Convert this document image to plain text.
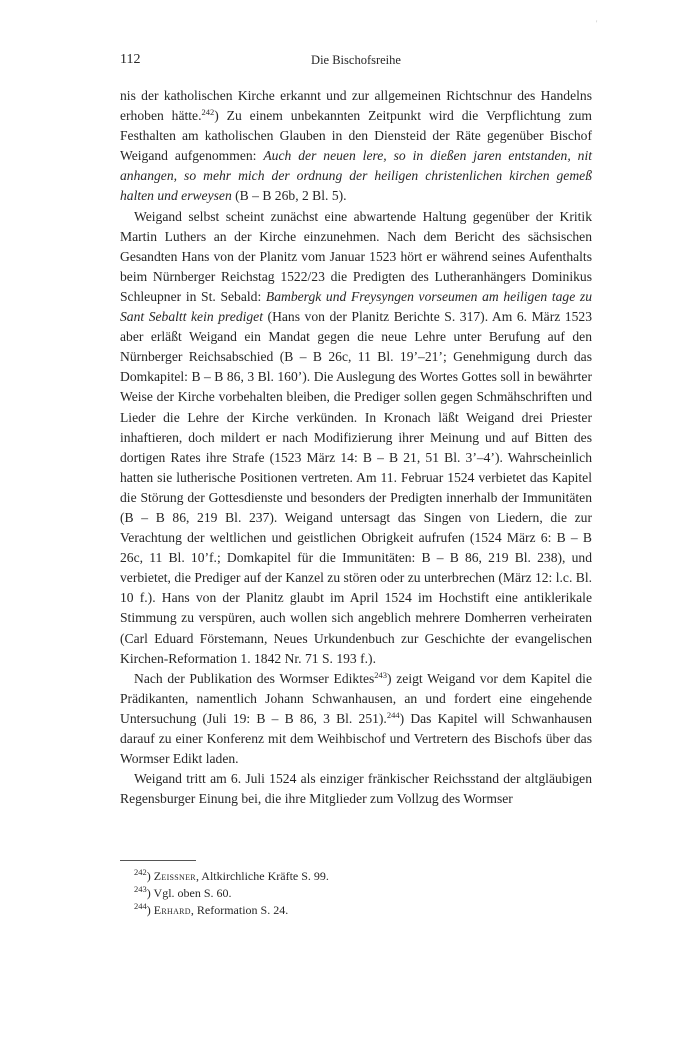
'
112	Die Bischofsreihe

nis der katholischen Kirche erkannt und zur allgemeinen Richtschnur des Handelns erhoben hätte.$^{242}$) Zu einem unbekannten Zeitpunkt wird die Verpflichtung zum Festhalten am katholischen Glauben in den Diensteid der Räte gegenüber Bischof Weigand aufgenommen: Auch der neuen lere, so in dießen jaren entstanden, nit anhangen, so mehr mich der ordnung der heiligen christenlichen kirchen gemeß halten und erweysen (B – B 26b, 2 Bl. 5).

Weigand selbst scheint zunächst eine abwartende Haltung gegenüber der Kritik Martin Luthers an der Kirche einzunehmen. Nach dem Bericht des sächsischen Gesandten Hans von der Planitz vom Januar 1523 hört er während seines Aufenthalts beim Nürnberger Reichstag 1522/23 die Predigten des Lutheranhängers Dominikus Schleupner in St. Sebald: Bambergk und Freysyngen vorseumen am heiligen tage zu Sant Sebaltt kein prediget (Hans von der Planitz Berichte S. 317). Am 6. März 1523 aber erläßt Weigand ein Mandat gegen die neue Lehre unter Berufung auf den Nürnberger Reichsabschied (B – B 26c, 11 Bl. 19’–21’; Genehmigung durch das Domkapitel: B – B 86, 3 Bl. 160’). Die Auslegung des Wortes Gottes soll in bewährter Weise der Kirche vorbehalten bleiben, die Prediger sollen gegen Schmähschriften und Lieder die Lehre der Kirche verkünden. In Kronach läßt Weigand drei Priester inhaftieren, doch mildert er nach Modifizierung ihrer Meinung und auf Bitten des dortigen Rates ihre Strafe (1523 März 14: B – B 21, 51 Bl. 3’–4’). Wahrscheinlich hatten sie lutherische Positionen vertreten. Am 11. Februar 1524 verbietet das Kapitel die Störung der Gottesdienste und besonders der Predigten innerhalb der Immunitäten (B – B 86, 219 Bl. 237). Weigand untersagt das Singen von Liedern, die zur Verachtung der weltlichen und geistlichen Obrigkeit aufrufen (1524 März 6: B – B 26c, 11 Bl. 10’f.; Domkapitel für die Immunitäten: B – B 86, 219 Bl. 238), und verbietet, die Prediger auf der Kanzel zu stören oder zu unterbrechen (März 12: l.c. Bl. 10 f.). Hans von der Planitz glaubt im April 1524 im Hochstift eine antiklerikale Stimmung zu verspüren, auch wollen sich angeblich mehrere Domherren verheiraten (Carl Eduard Förstemann, Neues Urkundenbuch zur Geschichte der evangelischen Kirchen-Reformation 1. 1842 Nr. 71 S. 193 f.).

Nach der Publikation des Wormser Ediktes$^{243}$) zeigt Weigand vor dem Kapitel die Prädikanten, namentlich Johann Schwanhausen, an und fordert eine eingehende Untersuchung (Juli 19: B – B 86, 3 Bl. 251).$^{244}$) Das Kapitel will Schwanhausen darauf zu einer Konferenz mit dem Weihbischof und Vertretern des Bischofs über das Wormser Edikt laden.

Weigand tritt am 6. Juli 1524 als einziger fränkischer Reichsstand der altgläubigen Regensburger Einung bei, die ihre Mitglieder zum Vollzug des Wormser

$^{242}$) Zeissner, Altkirchliche Kräfte S. 99.

$^{243}$) Vgl. oben S. 60.

$^{244}$) Erhard, Reformation S. 24.
